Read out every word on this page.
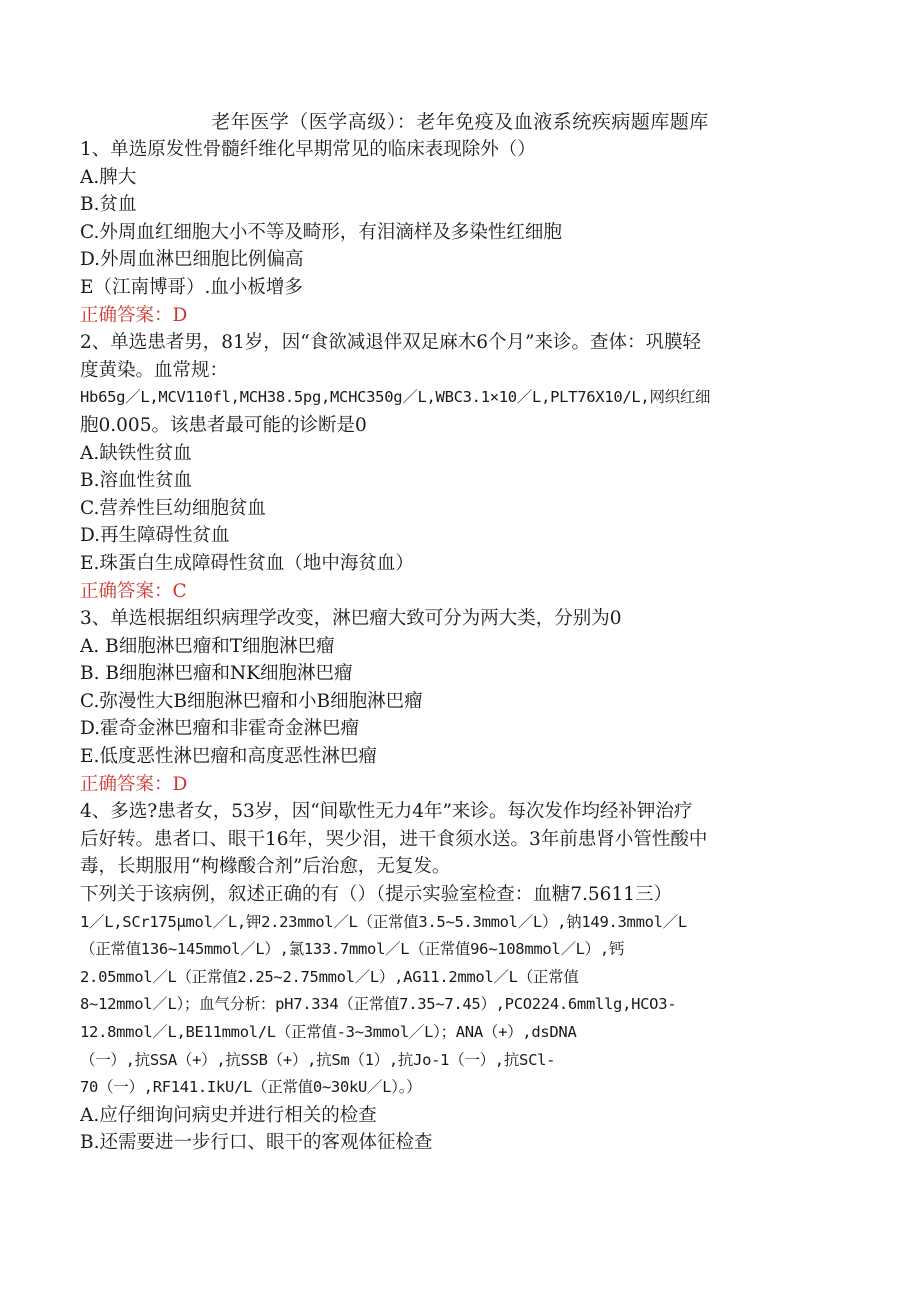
老年医学（医学高级）：老年免疫及血液系统疾病题库题库
1、单选原发性骨髓纤维化早期常见的临床表现除外（）
A.脾大
B.贫血
C.外周血红细胞大小不等及畸形，有泪滴样及多染性红细胞
D.外周血淋巴细胞比例偏高
E（江南博哥）.血小板增多
正确答案：D
2、单选患者男，81岁，因“食欲减退伴双足麻木6个月”来诊。查体：巩膜轻
度黄染。血常规：
Hb65g／L,MCV110fl,MCH38.5pg,MCHC350g／L,WBC3.1×10／L,PLT76X10/L,网织红细
胞0.005。该患者最可能的诊断是0
A.缺铁性贫血
B.溶血性贫血
C.营养性巨幼细胞贫血
D.再生障碍性贫血
E.珠蛋白生成障碍性贫血（地中海贫血）
正确答案：C
3、单选根据组织病理学改变，淋巴瘤大致可分为两大类，分别为0
A. B细胞淋巴瘤和T细胞淋巴瘤
B. B细胞淋巴瘤和NK细胞淋巴瘤
C.弥漫性大B细胞淋巴瘤和小B细胞淋巴瘤
D.霍奇金淋巴瘤和非霍奇金淋巴瘤
E.低度恶性淋巴瘤和高度恶性淋巴瘤
正确答案：D
4、多选?患者女，53岁，因“间歇性无力4年”来诊。每次发作均经补钾治疗
后好转。患者口、眼干16年，哭少泪，进干食须水送。3年前患肾小管性酸中
毒，长期服用“枸橼酸合剂”后治愈，无复发。
下列关于该病例，叙述正确的有（）（提示实验室检查：血糖7.5611三）
1／L,SCr175μmol／L,钾2.23mmol／L（正常值3.5~5.3mmol／L）,钠149.3mmol／L
（正常值136~145mmol／L）,氯133.7mmol／L（正常值96~108mmol／L）,钙
2.05mmol／L（正常值2.25~2.75mmol／L）,AG11.2mmol／L（正常值
8~12mmol／L）；血气分析：pH7.334（正常值7.35~7.45）,PCO224.6mmllg,HCO3-
12.8mmol／L,BE11mmol/L（正常值-3~3mmol／L）；ANA（+）,dsDNA
（一）,抗SSA（+）,抗SSB（+）,抗Sm（1）,抗Jo-1（一）,抗SCl-
70（一）,RF141.IkU/L（正常值0~30kU／L）。）
A.应仔细询问病史并进行相关的检查
B.还需要进一步行口、眼干的客观体征检查
